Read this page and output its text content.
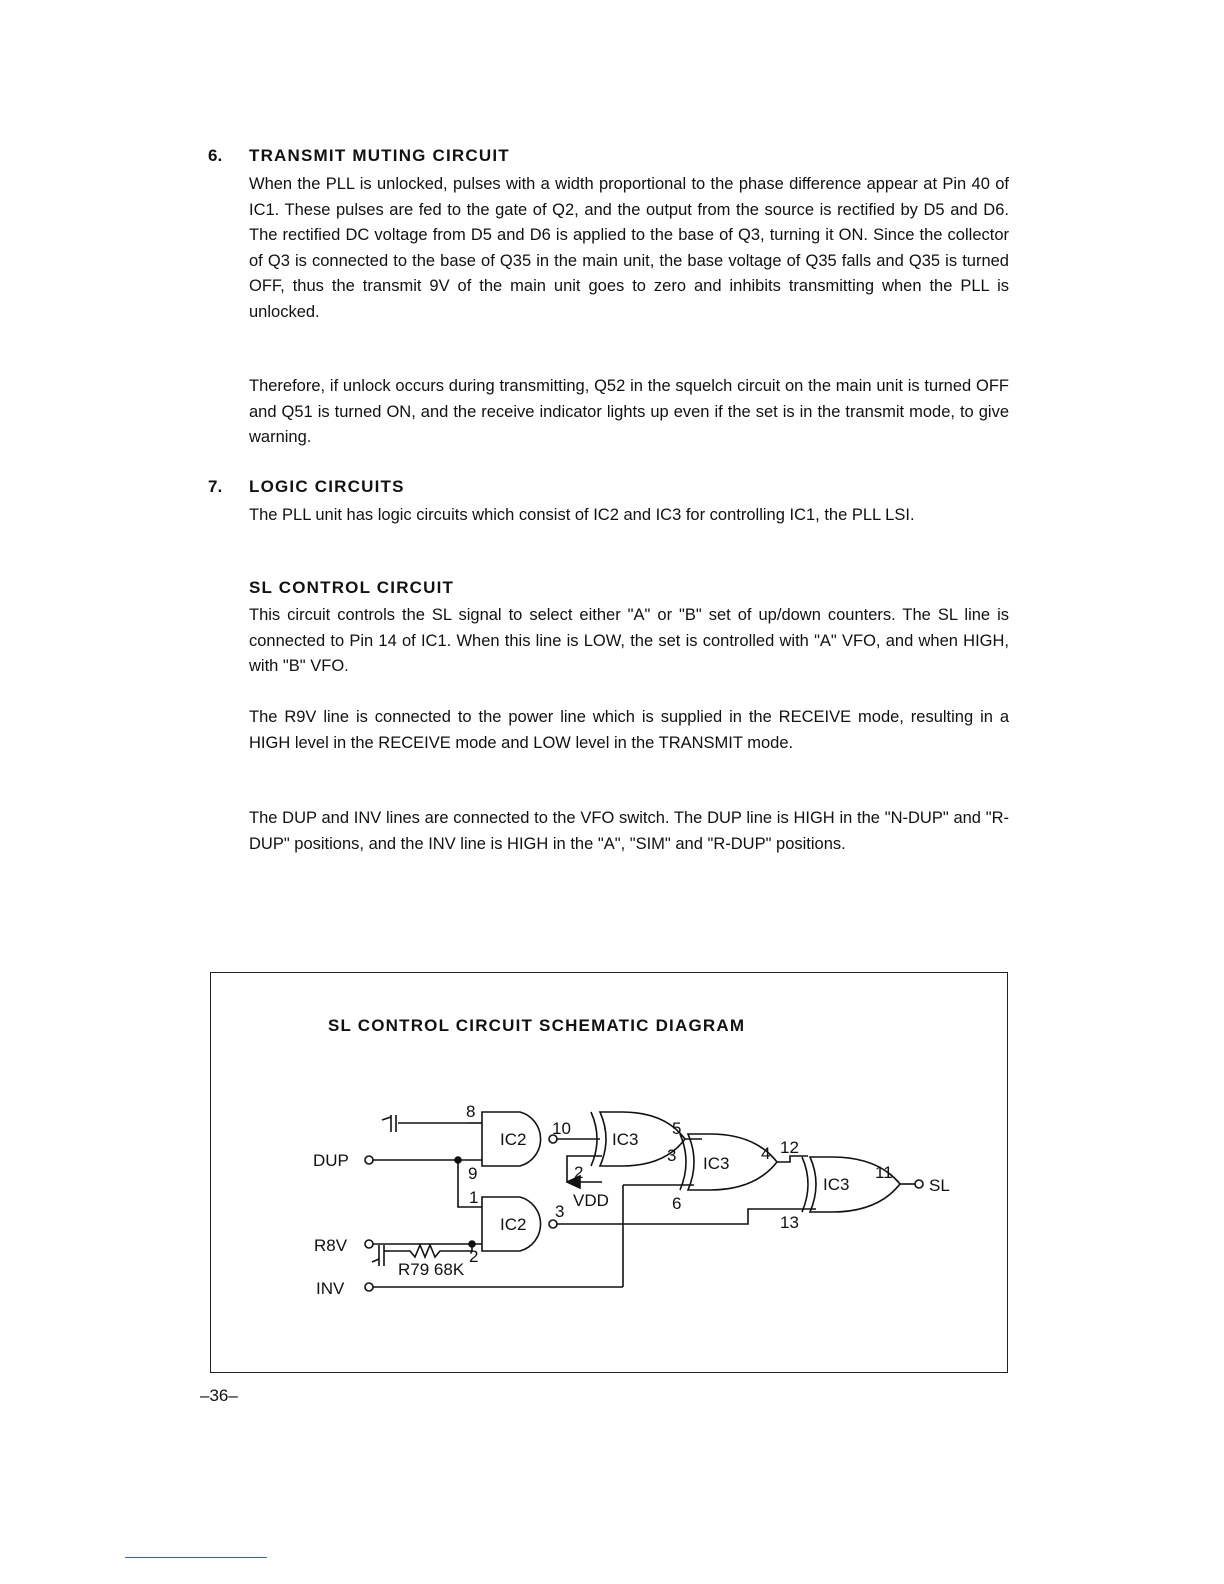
6. TRANSMIT MUTING CIRCUIT

When the PLL is unlocked, pulses with a width proportional to the phase difference appear at Pin 40 of IC1. These pulses are fed to the gate of Q2, and the output from the source is rectified by D5 and D6. The rectified DC voltage from D5 and D6 is applied to the base of Q3, turning it ON. Since the collector of Q3 is connected to the base of Q35 in the main unit, the base voltage of Q35 falls and Q35 is turned OFF, thus the transmit 9V of the main unit goes to zero and inhibits transmitting when the PLL is unlocked.

Therefore, if unlock occurs during transmitting, Q52 in the squelch circuit on the main unit is turned OFF and Q51 is turned ON, and the receive indicator lights up even if the set is in the transmit mode, to give warning.

7. LOGIC CIRCUITS

The PLL unit has logic circuits which consist of IC2 and IC3 for controlling IC1, the PLL LSI.

SL CONTROL CIRCUIT

This circuit controls the SL signal to select either "A" or "B" set of up/down counters. The SL line is connected to Pin 14 of IC1. When this line is LOW, the set is controlled with "A" VFO, and when HIGH, with "B" VFO.

The R9V line is connected to the power line which is supplied in the RECEIVE mode, resulting in a HIGH level in the RECEIVE mode and LOW level in the TRANSMIT mode.

The DUP and INV lines are connected to the VFO switch. The DUP line is HIGH in the "N-DUP" and "R-DUP" positions, and the INV line is HIGH in the "A", "SIM" and "R-DUP" positions.

SL CONTROL CIRCUIT SCHEMATIC DIAGRAM
DUP
R8V
INV
SL
IC2
IC2
IC3
IC3
IC3
VDD
8
9
10
1
2
3
5
2
3
6
4 12
13
11
R79 68K
–36–
